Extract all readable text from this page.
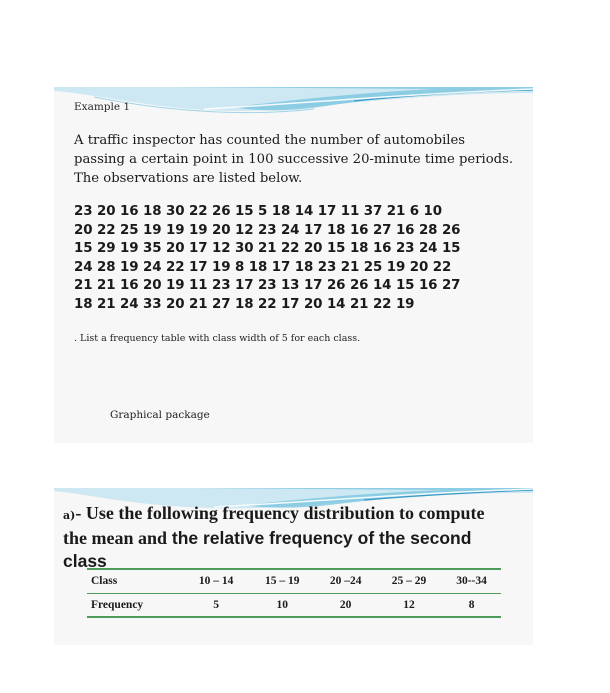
Example 1
A traffic inspector has counted the number of automobiles
passing a certain point in 100 successive 20-minute time periods.
The observations are listed below.
23 20 16 18 30 22 26 15 5 18 14 17 11 37 21 6 10
20 22 25 19 19 19 20 12 23 24 17 18 16 27 16 28 26
15 29 19 35 20 17 12 30 21 22 20 15 18 16 23 24 15
24 28 19 24 22 17 19 8 18 17 18 23 21 25 19 20 22
21 21 16 20 19 11 23 17 23 13 17 26 26 14 15 16 27
18 21 24 33 20 21 27 18 22 17 20 14 21 22 19
. List a frequency table with class width of 5 for each class.
Graphical package
a)- Use the following frequency distribution to compute
the mean and the relative frequency of the second
class
Class	10 – 14	15 – 19	20 –24	25 – 29	30--34
Frequency	5	10	20	12	8
